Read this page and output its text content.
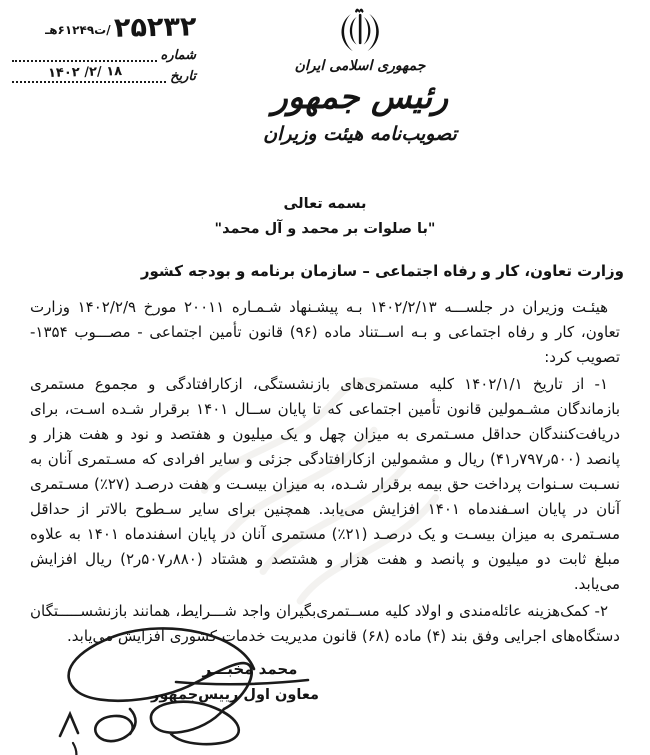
۲۵۲۳۲
/ت۶۱۲۴۹هـ
شماره
تاریخ
‭۱۴۰۲ /۲/ ۱۸‬	جمهوری اسلامی ایران
رئیس جمهور
تصویب‌نامه هیئت وزیران
بسمه تعالی
"با صلوات بر محمد و آل محمد"
وزارت تعاون، کار و رفاه اجتماعی – سازمان برنامه و بودجه کشور

هیئـت وزیران در جلســـه ۱۴۰۲/۲/۱۳ بـه پیشـنهاد شـمـاره ۲۰۰۱۱ مورخ ۱۴۰۲/۲/۹ وزارت تعاون، کار و رفاه اجتماعی و بـه اســتناد ماده (۹۶) قانون تأمین اجتماعی - مصـــوب ۱۳۵۴- تصویب کرد:

۱- از تاریخ ۱۴۰۲/۱/۱ کلیه مستمری‌های بازنشستگی، ازکارافتادگی و مجموع مستمری بازماندگان مشـمولین قانون تأمین اجتماعی که تا پایان ســال ۱۴۰۱ برقرار شـده اسـت، برای دریافت‌کنندگان حداقل مسـتمری به میزان چهل و یک میلیون و هفتصد و نود و هفت هزار و پانصد (‭۴۱ر۷۹۷ر۵۰۰‬) ریال و مشمولین ازکارافتادگی جزئی و سایر افرادی که مسـتمری آنان به نسـبت سـنوات پرداخت حق بیمه برقرار شـده، به میزان بیسـت و هفت درصـد (۲۷٪) مسـتمری آنان در پایان اسـفندماه ۱۴۰۱ افزایش می‌یابد. همچنین برای سایر سـطوح بالاتر از حداقل مسـتمری به میزان بیسـت و یک درصـد (۲۱٪) مستمری آنان در پایان اسفندماه ۱۴۰۱ به علاوه مبلغ ثابت دو میلیون و پانصد و هفت هزار و هشتصد و هشتاد (‭۲ر۵۰۷ر۸۸۰‬) ریال افزایش می‌یابد.

۲- کمک‌هزینه عائله‌مندی و اولاد کلیه مســتمری‌بگیران واجد شـــرایط، همانند بازنشســـــتگان دستگاه‌های اجرایی وفق بند (۴) ماده (۶۸) قانون مدیریت خدمات کشوری افزایش می‌یابد.

محمد مخبـــر
معاون اول رییس‌جمهور
